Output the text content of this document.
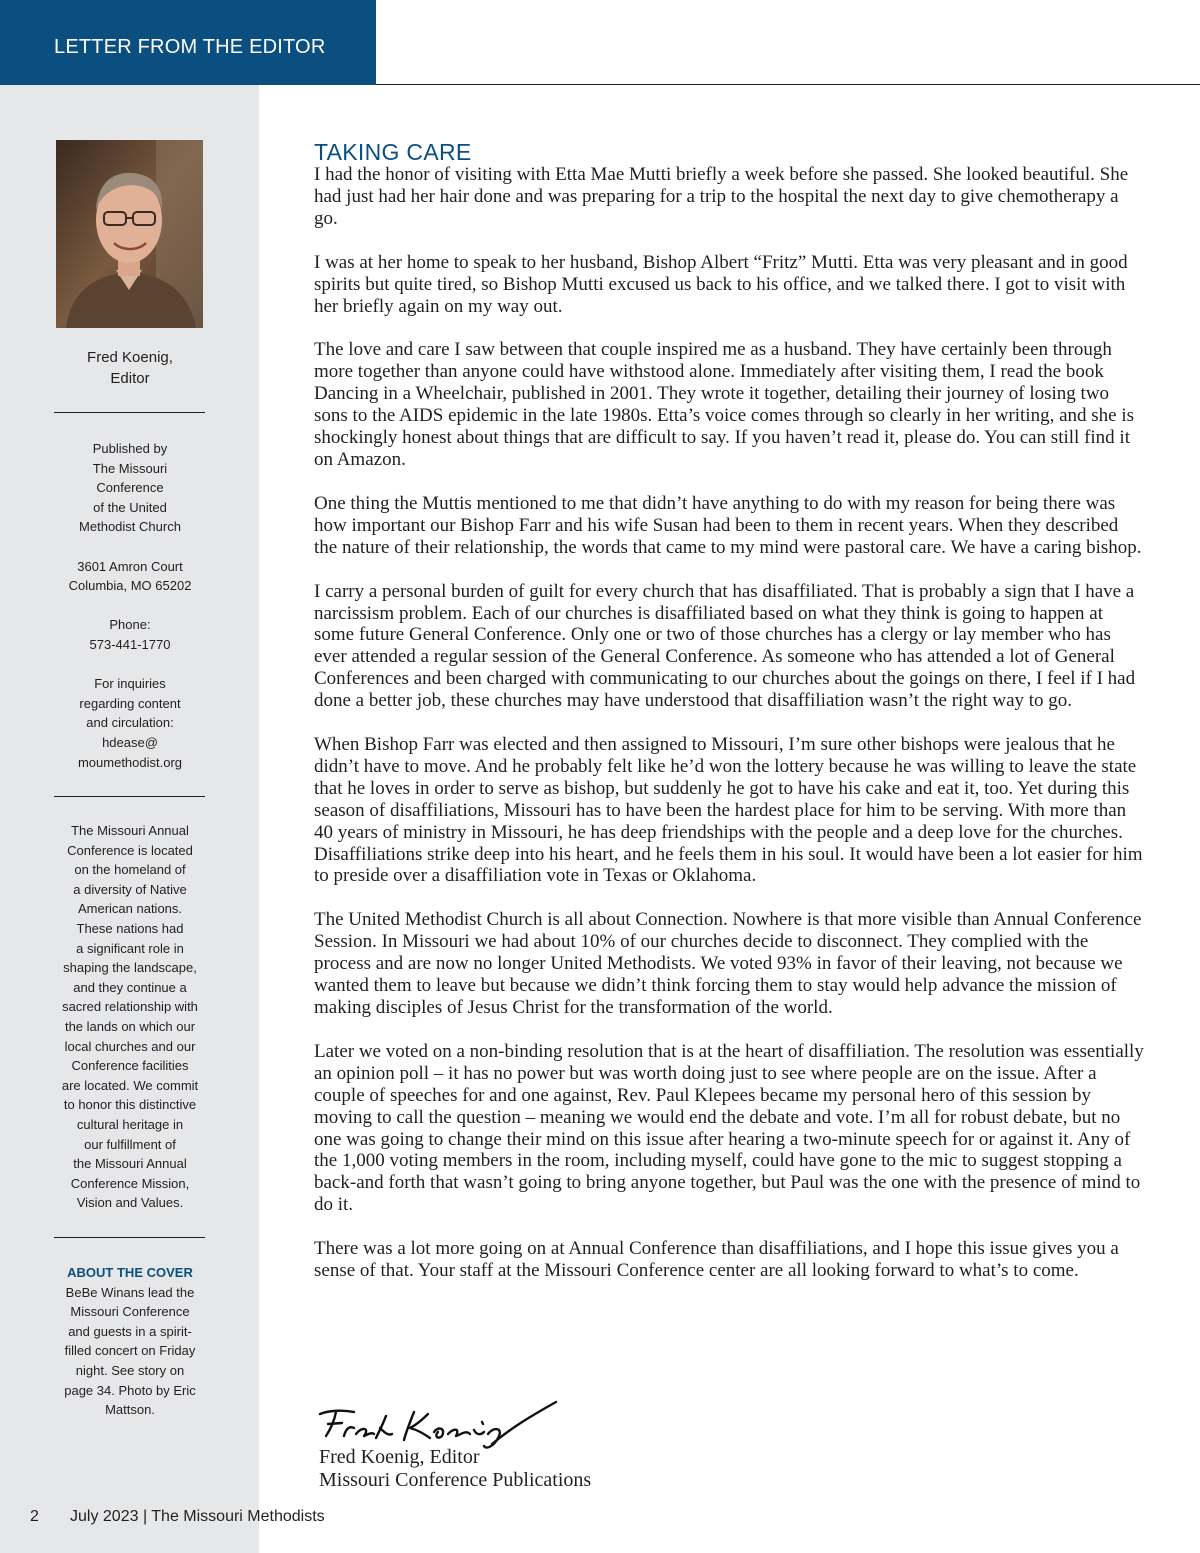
LETTER FROM THE EDITOR
Fred Koenig,
Editor
Published by
The Missouri
Conference
of the United
Methodist Church
3601 Amron Court
Columbia, MO 65202
Phone:
573-441-1770
For inquiries
regarding content
and circulation:
hdease@
moumethodist.org
The Missouri Annual
Conference is located
on the homeland of
a diversity of Native
American nations.
These nations had
a significant role in
shaping the landscape,
and they continue a
sacred relationship with
the lands on which our
local churches and our
Conference facilities
are located. We commit
to honor this distinctive
cultural heritage in
our fulfillment of
the Missouri Annual
Conference Mission,
Vision and Values.
ABOUT THE COVER
BeBe Winans lead the
Missouri Conference
and guests in a spirit-
filled concert on Friday
night. See story on
page 34. Photo by Eric
Mattson.
TAKING CARE

I had the honor of visiting with Etta Mae Mutti briefly a week before she passed. She looked beautiful. She had just had her hair done and was preparing for a trip to the hospital the next day to give chemotherapy a go.

I was at her home to speak to her husband, Bishop Albert “Fritz” Mutti. Etta was very pleasant and in good spirits but quite tired, so Bishop Mutti excused us back to his office, and we talked there. I got to visit with her briefly again on my way out.

The love and care I saw between that couple inspired me as a husband. They have certainly been through more together than anyone could have withstood alone. Immediately after visiting them, I read the book Dancing in a Wheelchair, published in 2001. They wrote it together, detailing their journey of losing two sons to the AIDS epidemic in the late 1980s. Etta’s voice comes through so clearly in her writing, and she is shockingly honest about things that are difficult to say. If you haven’t read it, please do. You can still find it on Amazon.

One thing the Muttis mentioned to me that didn’t have anything to do with my reason for being there was how important our Bishop Farr and his wife Susan had been to them in recent years. When they described the nature of their relationship, the words that came to my mind were pastoral care. We have a caring bishop.

I carry a personal burden of guilt for every church that has disaffiliated. That is probably a sign that I have a narcissism problem. Each of our churches is disaffiliated based on what they think is going to happen at some future General Conference. Only one or two of those churches has a clergy or lay member who has ever attended a regular session of the General Conference. As someone who has attended a lot of General Conferences and been charged with communicating to our churches about the goings on there, I feel if I had done a better job, these churches may have understood that disaffiliation wasn’t the right way to go.

When Bishop Farr was elected and then assigned to Missouri, I’m sure other bishops were jealous that he didn’t have to move. And he probably felt like he’d won the lottery because he was willing to leave the state that he loves in order to serve as bishop, but suddenly he got to have his cake and eat it, too. Yet during this season of disaffiliations, Missouri has to have been the hardest place for him to be serving. With more than 40 years of ministry in Missouri, he has deep friendships with the people and a deep love for the churches. Disaffiliations strike deep into his heart, and he feels them in his soul. It would have been a lot easier for him to preside over a disaffiliation vote in Texas or Oklahoma.

The United Methodist Church is all about Connection. Nowhere is that more visible than Annual Conference Session. In Missouri we had about 10% of our churches decide to disconnect. They complied with the process and are now no longer United Methodists. We voted 93% in favor of their leaving, not because we wanted them to leave but because we didn’t think forcing them to stay would help advance the mission of making disciples of Jesus Christ for the transformation of the world.

Later we voted on a non-binding resolution that is at the heart of disaffiliation. The resolution was essentially an opinion poll – it has no power but was worth doing just to see where people are on the issue. After a couple of speeches for and one against, Rev. Paul Klepees became my personal hero of this session by moving to call the question – meaning we would end the debate and vote. I’m all for robust debate, but no one was going to change their mind on this issue after hearing a two-minute speech for or against it. Any of the 1,000 voting members in the room, including myself, could have gone to the mic to suggest stopping a back-and forth that wasn’t going to bring anyone together, but Paul was the one with the presence of mind to do it.

There was a lot more going on at Annual Conference than disaffiliations, and I hope this issue gives you a sense of that. Your staff at the Missouri Conference center are all looking forward to what’s to come.

Fred Koenig, Editor
Missouri Conference Publications
2 July 2023 | The Missouri Methodists
